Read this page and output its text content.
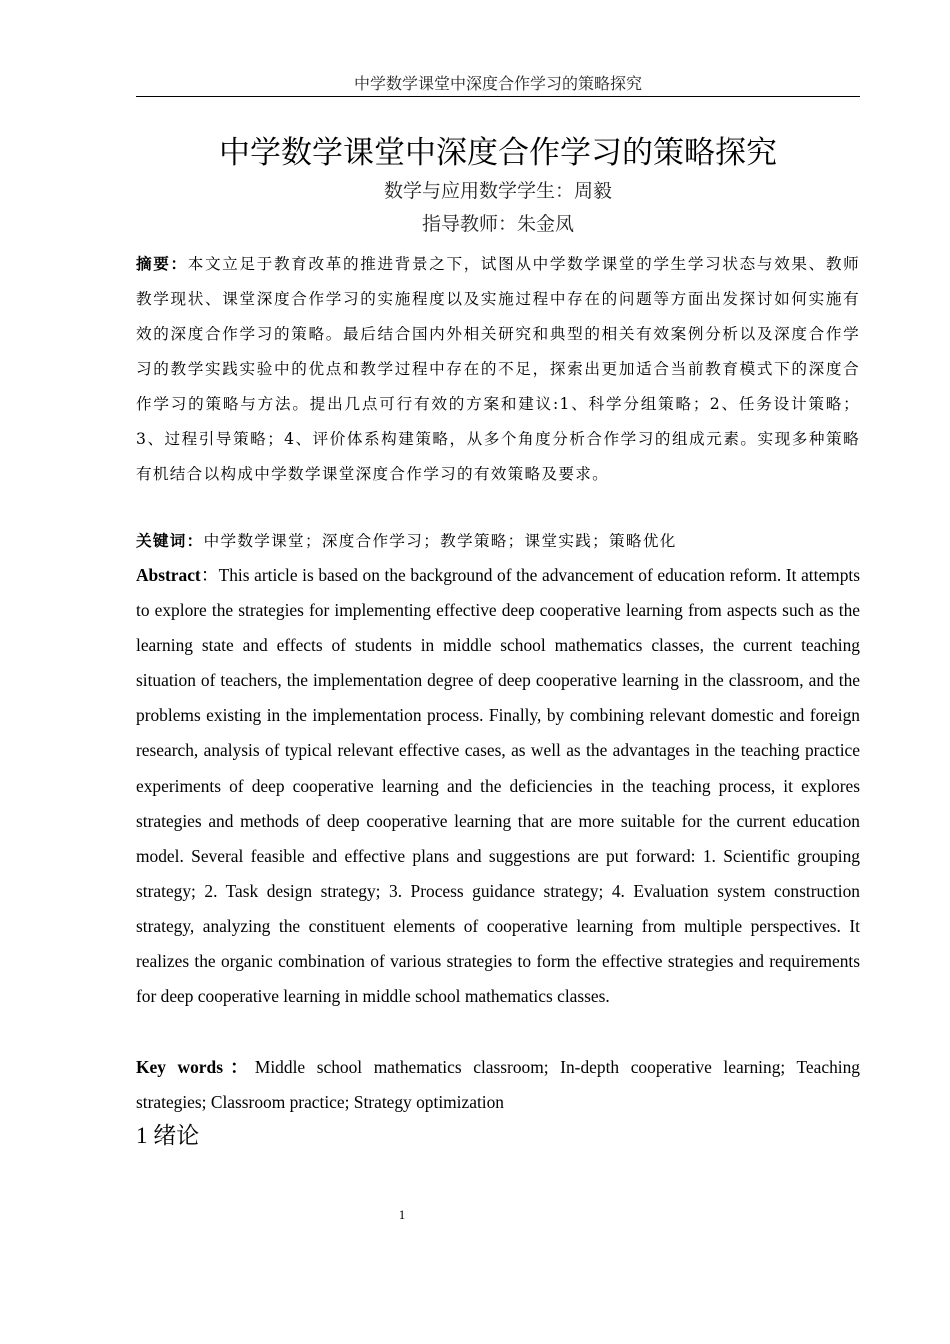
中学数学课堂中深度合作学习的策略探究
中学数学课堂中深度合作学习的策略探究
数学与应用数学学生：周毅
指导教师：朱金凤
摘要：本文立足于教育改革的推进背景之下，试图从中学数学课堂的学生学习状态与效果、教师教学现状、课堂深度合作学习的实施程度以及实施过程中存在的问题等方面出发探讨如何实施有效的深度合作学习的策略。最后结合国内外相关研究和典型的相关有效案例分析以及深度合作学习的教学实践实验中的优点和教学过程中存在的不足，探索出更加适合当前教育模式下的深度合作学习的策略与方法。提出几点可行有效的方案和建议:1、科学分组策略；2、任务设计策略；3、过程引导策略；4、评价体系构建策略，从多个角度分析合作学习的组成元素。实现多种策略有机结合以构成中学数学课堂深度合作学习的有效策略及要求。
关键词：中学数学课堂；深度合作学习；教学策略；课堂实践；策略优化
Abstract：This article is based on the background of the advancement of education reform. It attempts to explore the strategies for implementing effective deep cooperative learning from aspects such as the learning state and effects of students in middle school mathematics classes, the current teaching situation of teachers, the implementation degree of deep cooperative learning in the classroom, and the problems existing in the implementation process. Finally, by combining relevant domestic and foreign research, analysis of typical relevant effective cases, as well as the advantages in the teaching practice experiments of deep cooperative learning and the deficiencies in the teaching process, it explores strategies and methods of deep cooperative learning that are more suitable for the current education model. Several feasible and effective plans and suggestions are put forward: 1. Scientific grouping strategy; 2. Task design strategy; 3. Process guidance strategy; 4. Evaluation system construction strategy, analyzing the constituent elements of cooperative learning from multiple perspectives. It realizes the organic combination of various strategies to form the effective strategies and requirements for deep cooperative learning in middle school mathematics classes.
Key words：Middle school mathematics classroom; In-depth cooperative learning; Teaching strategies; Classroom practice; Strategy optimization
1 绪论
1
